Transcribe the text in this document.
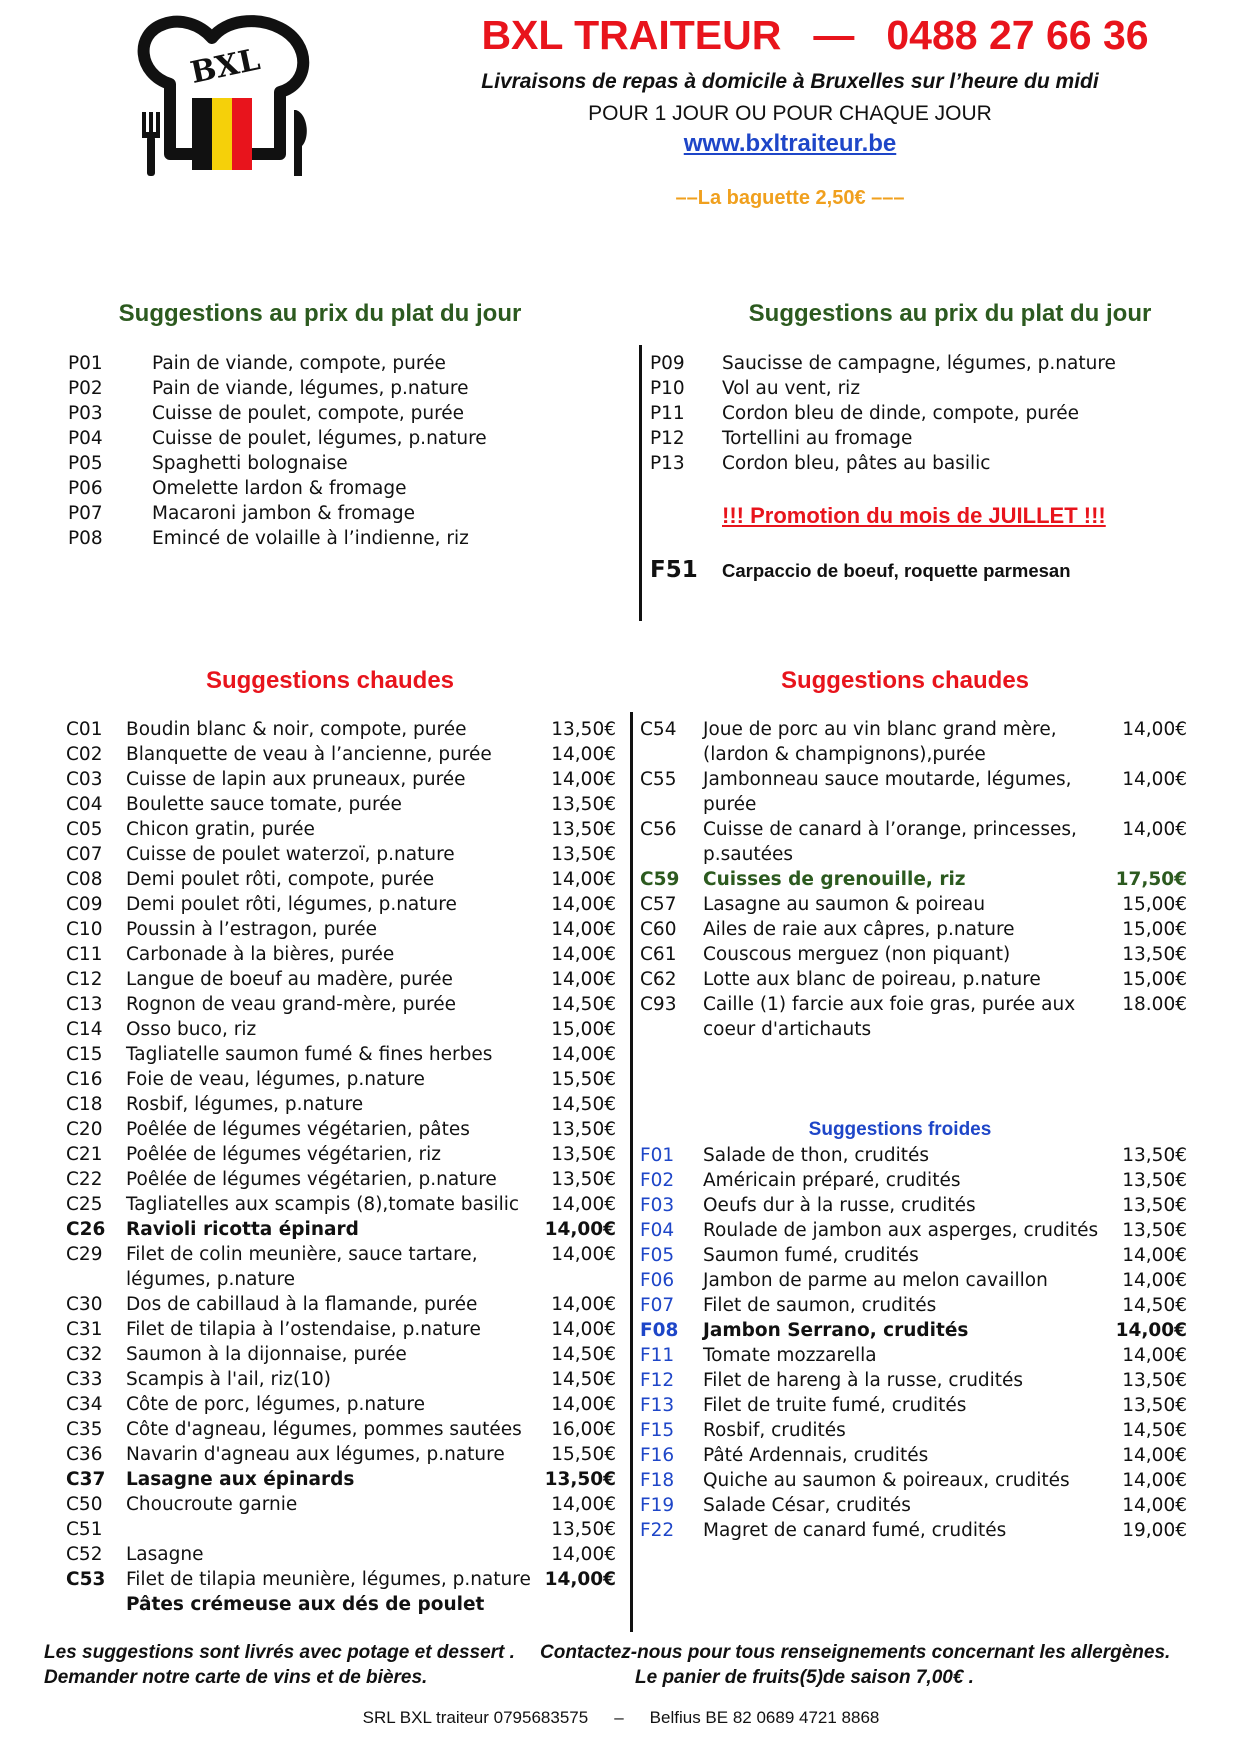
BXL
BXL TRAITEUR — 0488 27 66 36
Livraisons de repas à domicile à Bruxelles sur l’heure du midi
POUR 1 JOUR OU POUR CHAQUE JOUR
www.bxltraiteur.be
––La baguette 2,50€ –––
Suggestions au prix du plat du jour	Suggestions au prix du plat du jour
P01	Pain de viande, compote, purée
P02	Pain de viande, légumes, p.nature
P03	Cuisse de poulet, compote, purée
P04	Cuisse de poulet, légumes, p.nature
P05	Spaghetti bolognaise
P06	Omelette lardon & fromage
P07	Macaroni jambon & fromage
P08	Emincé de volaille à l’indienne, riz
P09 Saucisse de campagne, légumes, p.nature
P10 Vol au vent, riz
P11 Cordon bleu de dinde, compote, purée
P12 Tortellini au fromage
P13 Cordon bleu, pâtes au basilic
!!! Promotion du mois de JUILLET !!!
F51 Carpaccio de boeuf, roquette parmesan
Suggestions chaudes	Suggestions chaudes
C01 Boudin blanc & noir, compote, purée	13,50€
C02 Blanquette de veau à l’ancienne, purée	14,00€
C03 Cuisse de lapin aux pruneaux, purée	14,00€
C04 Boulette sauce tomate, purée	13,50€
C05 Chicon gratin, purée	13,50€
C07 Cuisse de poulet waterzoï, p.nature	13,50€
C08 Demi poulet rôti, compote, purée	14,00€
C09 Demi poulet rôti, légumes, p.nature	14,00€
C10 Poussin à l’estragon, purée	14,00€
C11 Carbonade à la bières, purée	14,00€
C12 Langue de boeuf au madère, purée	14,00€
C13 Rognon de veau grand-mère, purée	14,50€
C14 Osso buco, riz	15,00€
C15 Tagliatelle saumon fumé & fines herbes	14,00€
C16 Foie de veau, légumes, p.nature	15,50€
C18 Rosbif, légumes, p.nature	14,50€
C20 Poêlée de légumes végétarien, pâtes	13,50€
C21 Poêlée de légumes végétarien, riz	13,50€
C22 Poêlée de légumes végétarien, p.nature	13,50€
C25 Tagliatelles aux scampis (8),tomate basilic 14,00€
C26 Ravioli ricotta épinard	14,00€
C29 Filet de colin meunière, sauce tartare,	14,00€
légumes, p.nature
C30 Dos de cabillaud à la flamande, purée	14,00€
C31 Filet de tilapia à l’ostendaise, p.nature	14,00€
C32 Saumon à la dijonnaise, purée	14,50€
C33 Scampis à l'ail, riz(10)	14,50€
C34 Côte de porc, légumes, p.nature	14,00€
C35 Côte d'agneau, légumes, pommes sautées 16,00€
C36 Navarin d'agneau aux légumes, p.nature	15,50€
C37 Lasagne aux épinards	13,50€
C50 Choucroute garnie	14,00€
C51	13,50€
C52 Lasagne	14,00€
C53 Filet de tilapia meunière, légumes, p.nature 14,00€
Pâtes crémeuse aux dés de poulet
C54 Joue de porc au vin blanc grand mère,	14,00€
(lardon & champignons),purée
C55 Jambonneau sauce moutarde, légumes,	14,00€
purée
C56 Cuisse de canard à l’orange, princesses, 14,00€
p.sautées
C59 Cuisses de grenouille, riz	17,50€
C57 Lasagne au saumon & poireau	15,00€
C60 Ailes de raie aux câpres, p.nature	15,00€
C61 Couscous merguez (non piquant)	13,50€
C62 Lotte aux blanc de poireau, p.nature	15,00€
C93 Caille (1) farcie aux foie gras, purée aux	18.00€
coeur d'artichauts
Suggestions froides
F01 Salade de thon, crudités	13,50€
F02 Américain préparé, crudités	13,50€
F03 Oeufs dur à la russe, crudités	13,50€
F04 Roulade de jambon aux asperges, crudités 13,50€
F05 Saumon fumé, crudités	14,00€
F06 Jambon de parme au melon cavaillon	14,00€
F07 Filet de saumon, crudités	14,50€
F08 Jambon Serrano, crudités	14,00€
F11 Tomate mozzarella	14,00€
F12 Filet de hareng à la russe, crudités	13,50€
F13 Filet de truite fumé, crudités	13,50€
F15 Rosbif, crudités	14,50€
F16 Pâté Ardennais, crudités	14,00€
F18 Quiche au saumon & poireaux, crudités	14,00€
F19 Salade César, crudités	14,00€
F22 Magret de canard fumé, crudités	19,00€
Les suggestions sont livrés avec potage et dessert .
Demander notre carte de vins et de bières.
Contactez-nous pour tous renseignements concernant les allergènes.
Le panier de fruits(5)de saison 7,00€ .
SRL BXL traiteur 0795683575 – Belfius BE 82 0689 4721 8868
